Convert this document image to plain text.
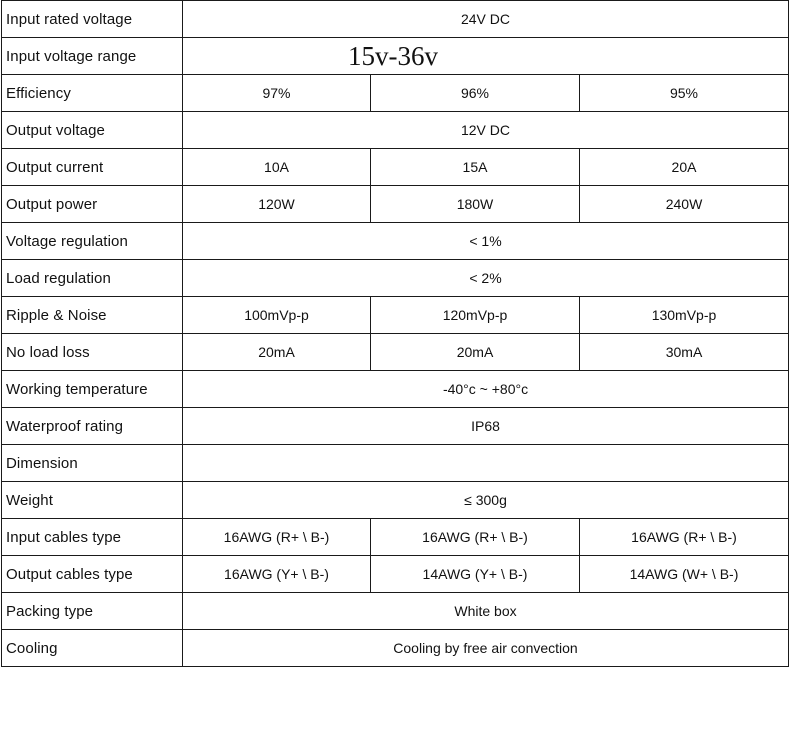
Input rated voltage	24V DC		
Input voltage range	15v-36v		
Efficiency	97%	96%	95%
Output voltage	12V DC		
Output current	10A	15A	20A
Output power	120W	180W	240W
Voltage regulation	< 1%		
Load regulation	< 2%		
Ripple & Noise	100mVp-p	120mVp-p	130mVp-p
No load loss	20mA	20mA	30mA
Working temperature	-40°c ~ +80°c		
Waterproof rating	IP68		
Dimension			
Weight	≤ 300g		
Input cables type	16AWG (R+ \ B-)	16AWG (R+ \ B-)	16AWG (R+ \ B-)
Output cables type	16AWG (Y+ \ B-)	14AWG (Y+ \ B-)	14AWG (W+ \ B-)
Packing type	White box		
Cooling	Cooling by free air convection		
